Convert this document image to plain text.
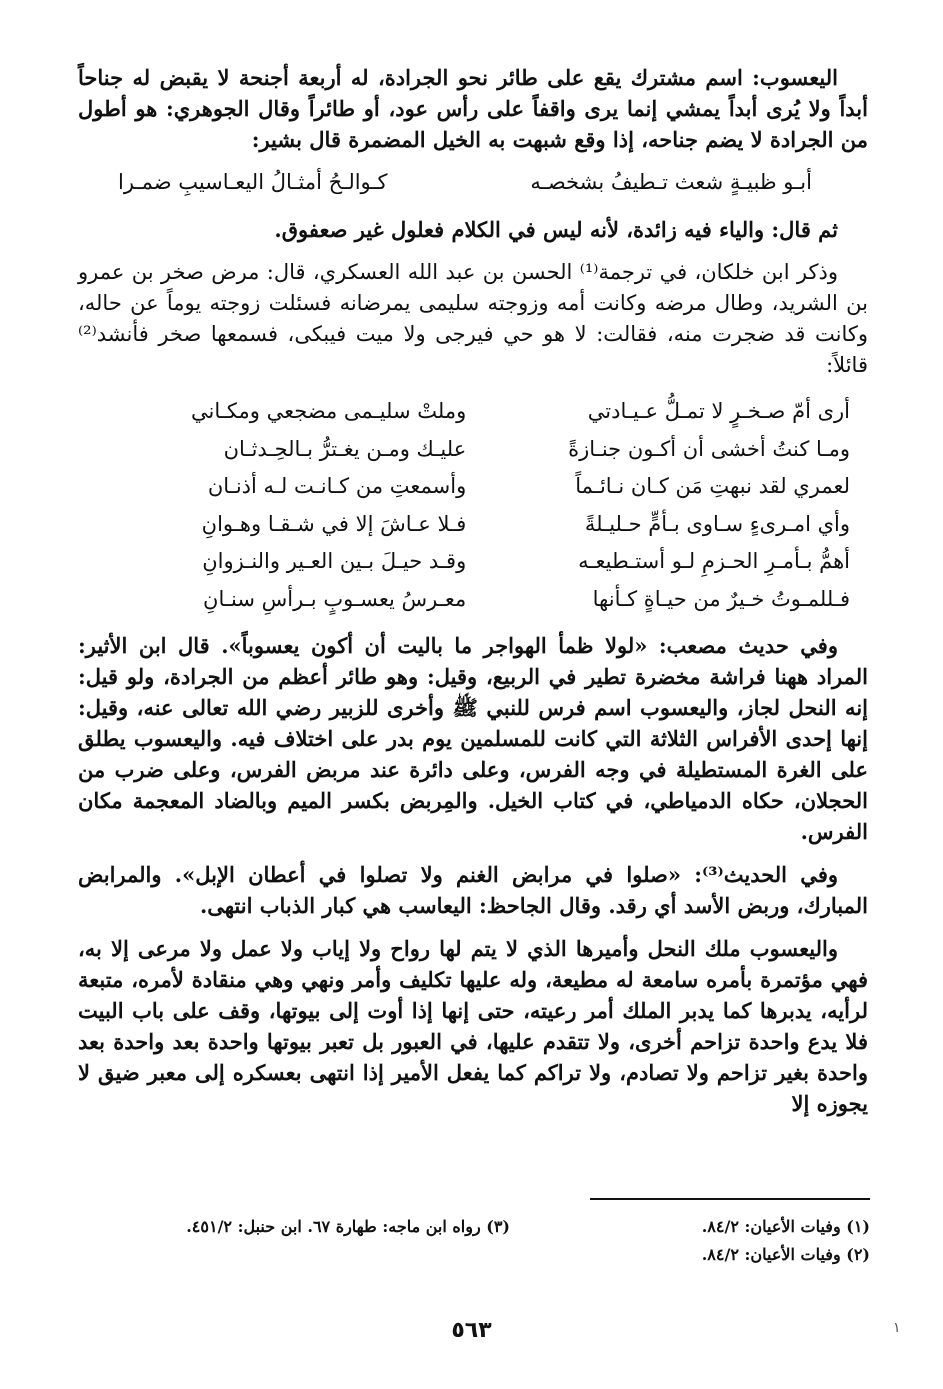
اليعسوب: اسم مشترك يقع على طائر نحو الجرادة، له أربعة أجنحة لا يقبض له جناحاً أبداً ولا يُرى أبداً يمشي إنما يرى واقفاً على رأس عود، أو طائراً وقال الجوهري: هو أطول من الجرادة لا يضم جناحه، إذا وقع شبهت به الخيل المضمرة قال بشير:

أبـو ظبيـةٍ شعث تـطيفُ بشخصـه
كـوالـحُ أمثـالُ اليعـاسيبِ ضمـرا

ثم قال: والياء فيه زائدة، لأنه ليس في الكلام فعلول غير صعفوق.

وذكر ابن خلكان، في ترجمة⁽¹⁾ الحسن بن عبد الله العسكري، قال: مرض صخر بن عمرو بن الشريد، وطال مرضه وكانت أمه وزوجته سليمى يمرضانه فسئلت زوجته يوماً عن حاله، وكانت قد ضجرت منه، فقالت: لا هو حي فيرجى ولا ميت فيبكى، فسمعها صخر فأنشد⁽²⁾ قائلاً:

أرى أمّ صـخـرٍ لا تمـلُّ عـيـادتي
وملتْ سليـمى مضجعي ومكـاني
ومـا كنتُ أخشى أن أكـون جنـازةً
عليـك ومـن يغـترُّ بـالحِـدثـان
لعمري لقد نبهتِ مَن كـان نـائـماً
وأسمعتِ من كـانـت لـه أذنـان
وأي امـرىءٍ سـاوى بـأمٍّ حـليـلةً
فـلا عـاشَ إلا في شـقـا وهـوانِ
أهمُّ بـأمـرِ الحـزمِ لـو أستـطيعـه
وقـد حيـلَ بـين العـير والنـزوانِ
فـللمـوتُ خـيرٌ من حيـاةٍ كـأنها
معـرسُ يعسـوبٍ بـرأسِ سنـانِ

وفي حديث مصعب: «لولا ظمأ الهواجر ما باليت أن أكون يعسوباً». قال ابن الأثير: المراد ههنا فراشة مخضرة تطير في الربيع، وقيل: وهو طائر أعظم من الجرادة، ولو قيل: إنه النحل لجاز، واليعسوب اسم فرس للنبي ﷺ وأخرى للزبير رضي الله تعالى عنه، وقيل: إنها إحدى الأفراس الثلاثة التي كانت للمسلمين يوم بدر على اختلاف فيه. واليعسوب يطلق على الغرة المستطيلة في وجه الفرس، وعلى دائرة عند مربض الفرس، وعلى ضرب من الحجلان، حكاه الدمياطي، في كتاب الخيل. والمِربض بكسر الميم وبالضاد المعجمة مكان الفرس.

وفي الحديث⁽³⁾: «صلوا في مرابض الغنم ولا تصلوا في أعطان الإبل». والمرابض المبارك، وربض الأسد أي رقد. وقال الجاحظ: اليعاسب هي كبار الذباب انتهى.

واليعسوب ملك النحل وأميرها الذي لا يتم لها رواح ولا إياب ولا عمل ولا مرعى إلا به، فهي مؤتمرة بأمره سامعة له مطيعة، وله عليها تكليف وأمر ونهي وهي منقادة لأمره، متبعة لرأيه، يدبرها كما يدبر الملك أمر رعيته، حتى إنها إذا أوت إلى بيوتها، وقف على باب البيت فلا يدع واحدة تزاحم أخرى، ولا تتقدم عليها، في العبور بل تعبر بيوتها واحدة بعد واحدة بعد واحدة بغير تزاحم ولا تصادم، ولا تراكم كما يفعل الأمير إذا انتهى بعسكره إلى معبر ضيق لا يجوزه إلا

(١) وفيات الأعيان: ٨٤/٢.
(٣) رواه ابن ماجه: طهارة ٦٧. ابن حنبل: ٤٥١/٢.
(٢) وفيات الأعيان: ٨٤/٢.
٥٦٣	١
